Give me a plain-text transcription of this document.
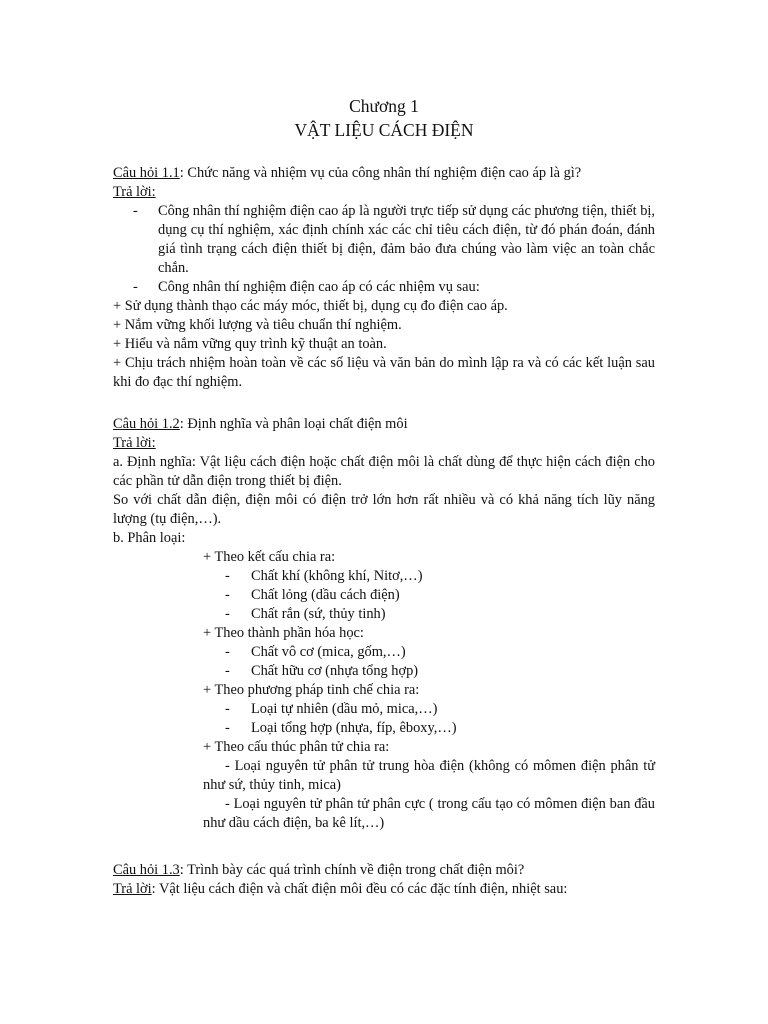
Chương 1
VẬT LIỆU CÁCH ĐIỆN
Câu hỏi 1.1: Chức năng và nhiệm vụ của công nhân thí nghiệm điện cao áp là gì?
Trả lời:
-	Công nhân thí nghiệm điện cao áp là người trực tiếp sử dụng các phương tiện, thiết bị, dụng cụ thí nghiệm, xác định chính xác các chỉ tiêu cách điện, từ đó phán đoán, đánh giá tình trạng cách điện thiết bị điện, đảm bảo đưa chúng vào làm việc an toàn chắc chắn.
-	Công nhân thí nghiệm điện cao áp có các nhiệm vụ sau:
+ Sử dụng thành thạo các máy móc, thiết bị, dụng cụ đo điện cao áp.
+ Nắm vững khối lượng và tiêu chuẩn thí nghiệm.
+ Hiểu và nắm vững quy trình kỹ thuật an toàn.
+ Chịu trách nhiệm hoàn toàn về các số liệu và văn bản do mình lập ra và có các kết luận sau khi đo đạc thí nghiệm.
Câu hỏi 1.2: Định nghĩa và phân loại chất điện môi
Trả lời:
a. Định nghĩa: Vật liệu cách điện hoặc chất điện môi là chất dùng để thực hiện cách điện cho các phần tử dẫn điện trong thiết bị điện.
So với chất dẫn điện, điện môi có điện trở lớn hơn rất nhiều và có khả năng tích lũy năng lượng (tụ điện,…).
b. Phân loại:
+ Theo kết cấu chia ra:
- Chất khí (không khí, Nitơ,…)
- Chất lỏng (dầu cách điện)
- Chất rắn (sứ, thủy tinh)
+ Theo thành phần hóa học:
- Chất vô cơ (mica, gốm,…)
- Chất hữu cơ (nhựa tổng hợp)
+ Theo phương pháp tinh chế chia ra:
- Loại tự nhiên (dầu mỏ, mica,…)
- Loại tổng hợp (nhựa, fíp, êboxy,…)
+ Theo cấu thúc phân tử chia ra:
- Loại nguyên tử phân tử trung hòa điện (không có mômen điện phân tử như sứ, thủy tinh, mica)
- Loại nguyên tử phân tử phân cực ( trong cấu tạo có mômen điện ban đầu như dầu cách điện, ba kê lít,…)
Câu hỏi 1.3: Trình bày các quá trình chính về điện trong chất điện môi?
Trả lời: Vật liệu cách điện và chất điện môi đều có các đặc tính điện, nhiệt sau:
